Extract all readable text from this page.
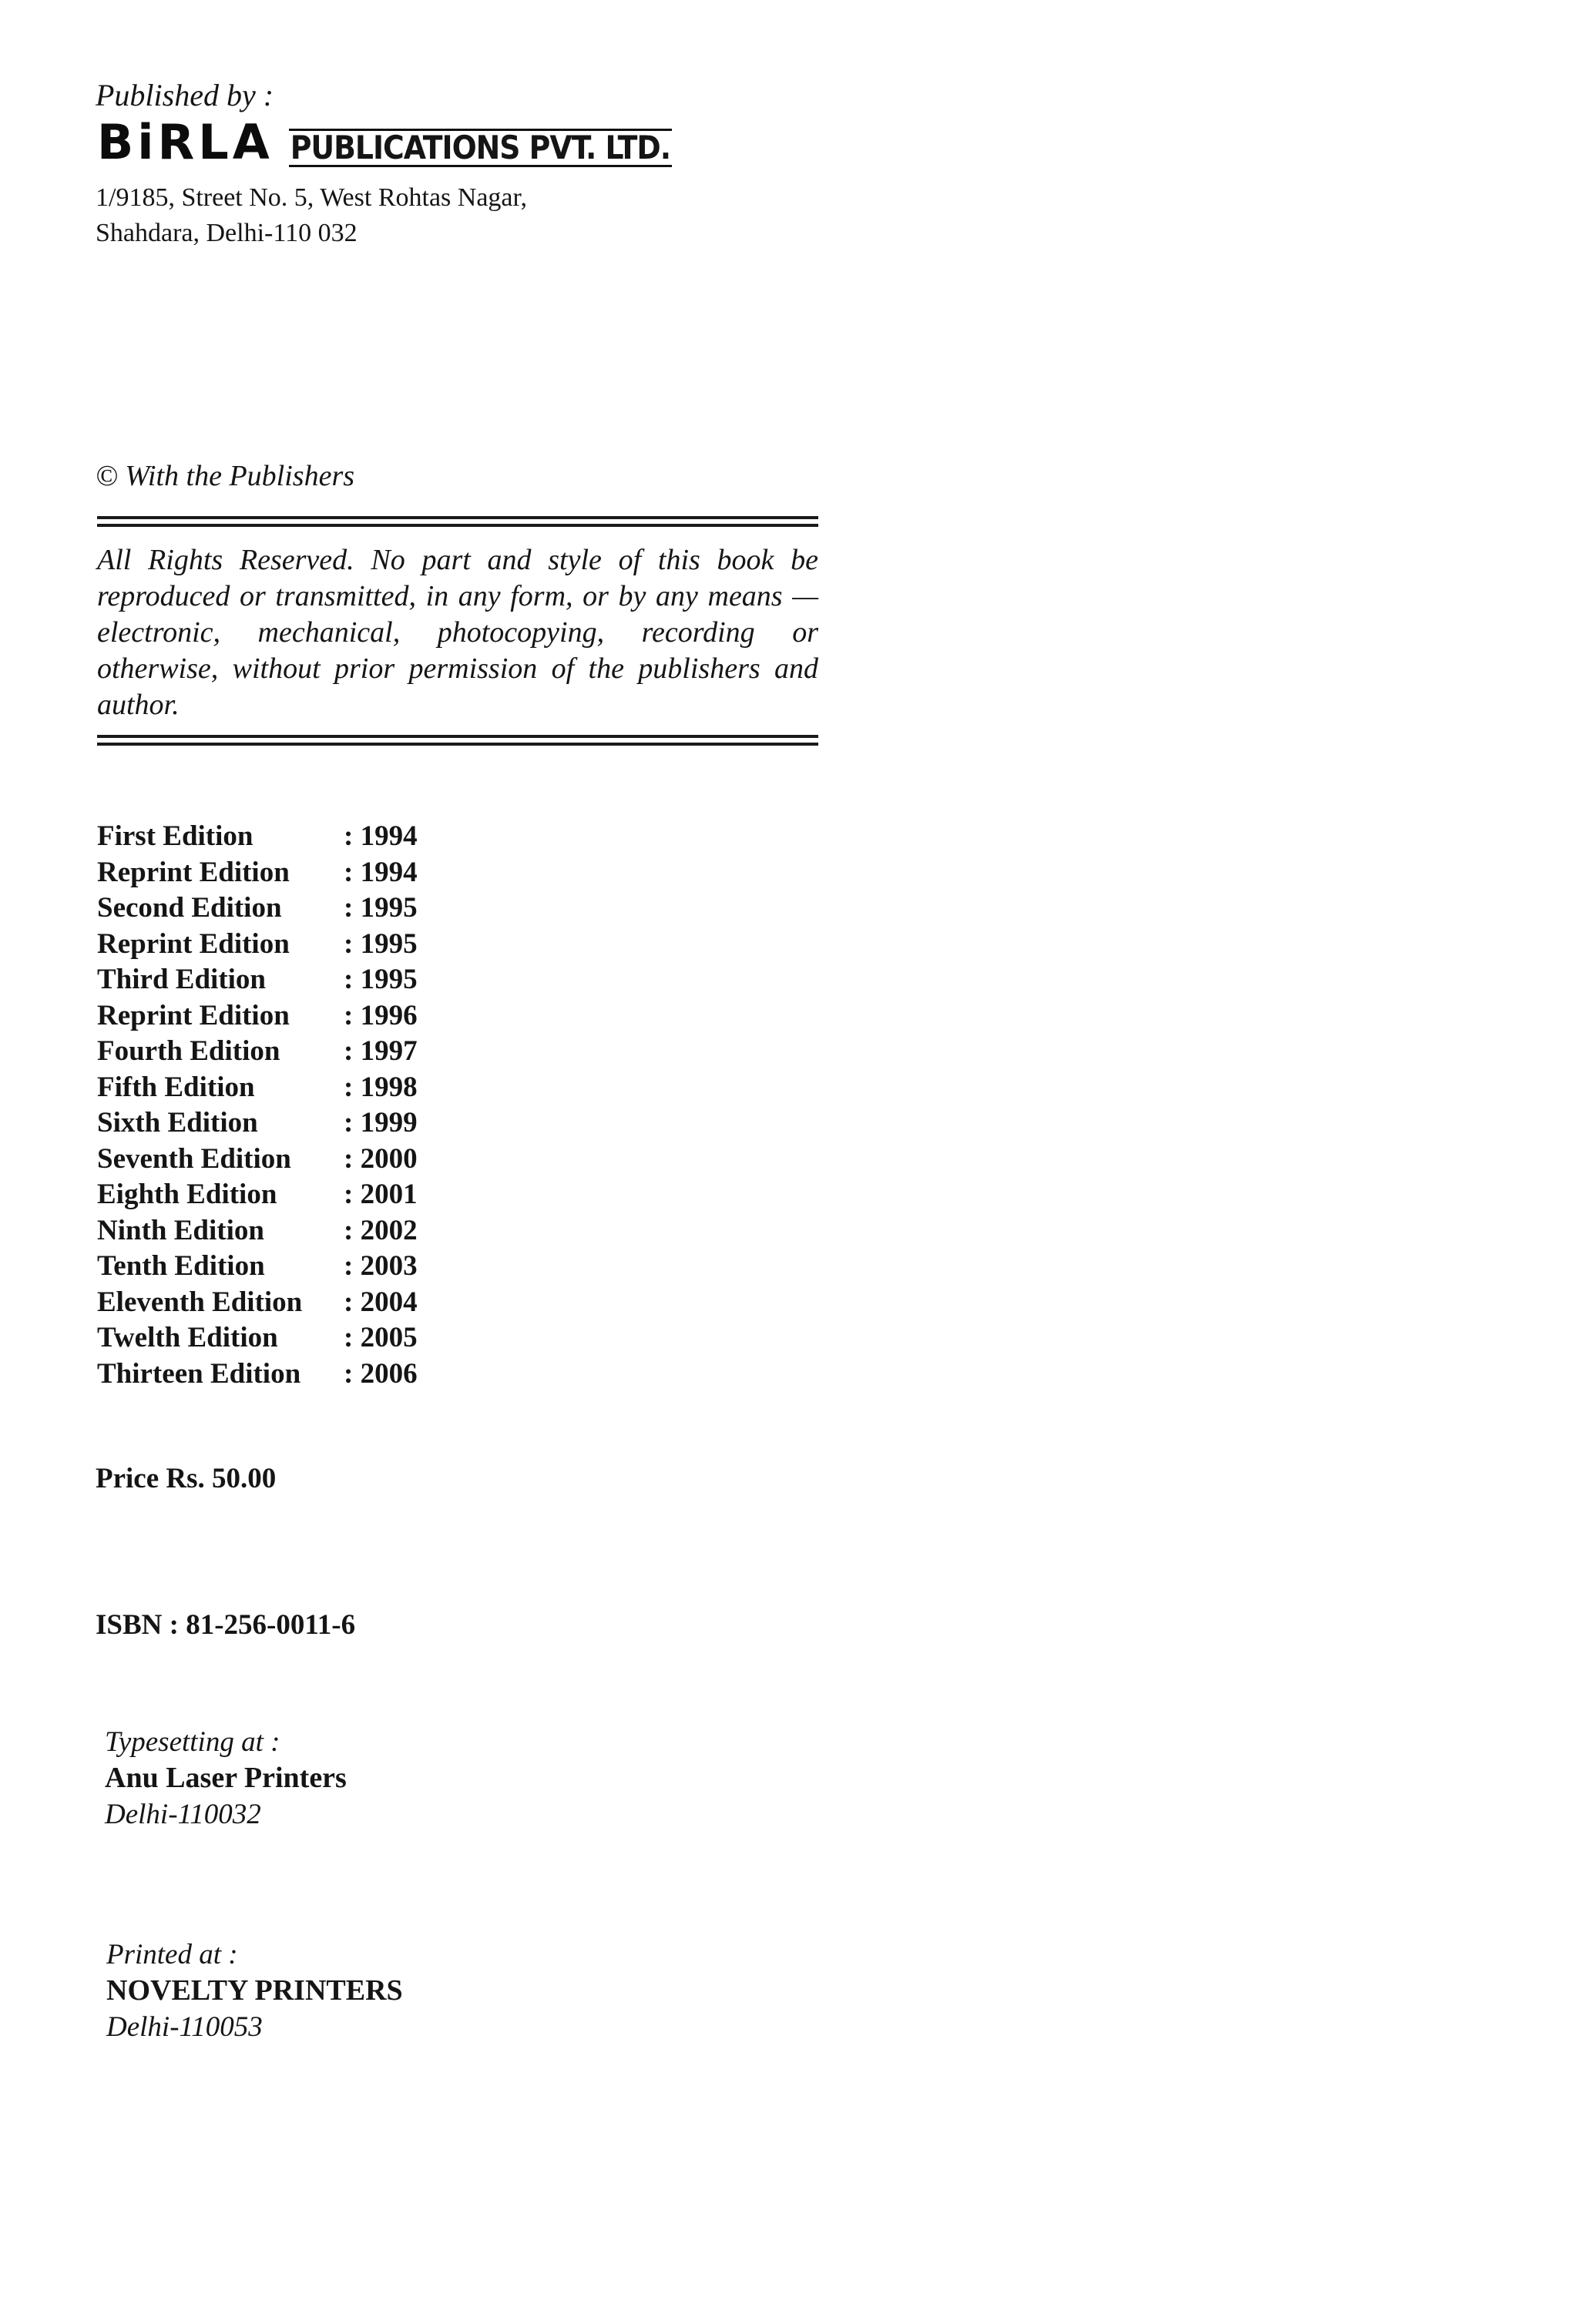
Published by :
BiRLA PUBLICATIONS PVT. LTD.
1/9185, Street No. 5, West Rohtas Nagar,
Shahdara, Delhi-110 032
© With the Publishers
All Rights Reserved. No part and style of this book be reproduced or transmitted, in any form, or by any means — electronic, mechanical, photocopying, recording or otherwise, without prior permission of the publishers and author.
First Edition	: 1994
Reprint Edition	: 1994
Second Edition	: 1995
Reprint Edition	: 1995
Third Edition	: 1995
Reprint Edition	: 1996
Fourth Edition	: 1997
Fifth Edition	: 1998
Sixth Edition	: 1999
Seventh Edition	: 2000
Eighth Edition	: 2001
Ninth Edition	: 2002
Tenth Edition	: 2003
Eleventh Edition	: 2004
Twelth Edition	: 2005
Thirteen Edition	: 2006
Price Rs. 50.00
ISBN : 81-256-0011-6
Typesetting at :
Anu Laser Printers
Delhi-110032
Printed at :
NOVELTY PRINTERS
Delhi-110053
